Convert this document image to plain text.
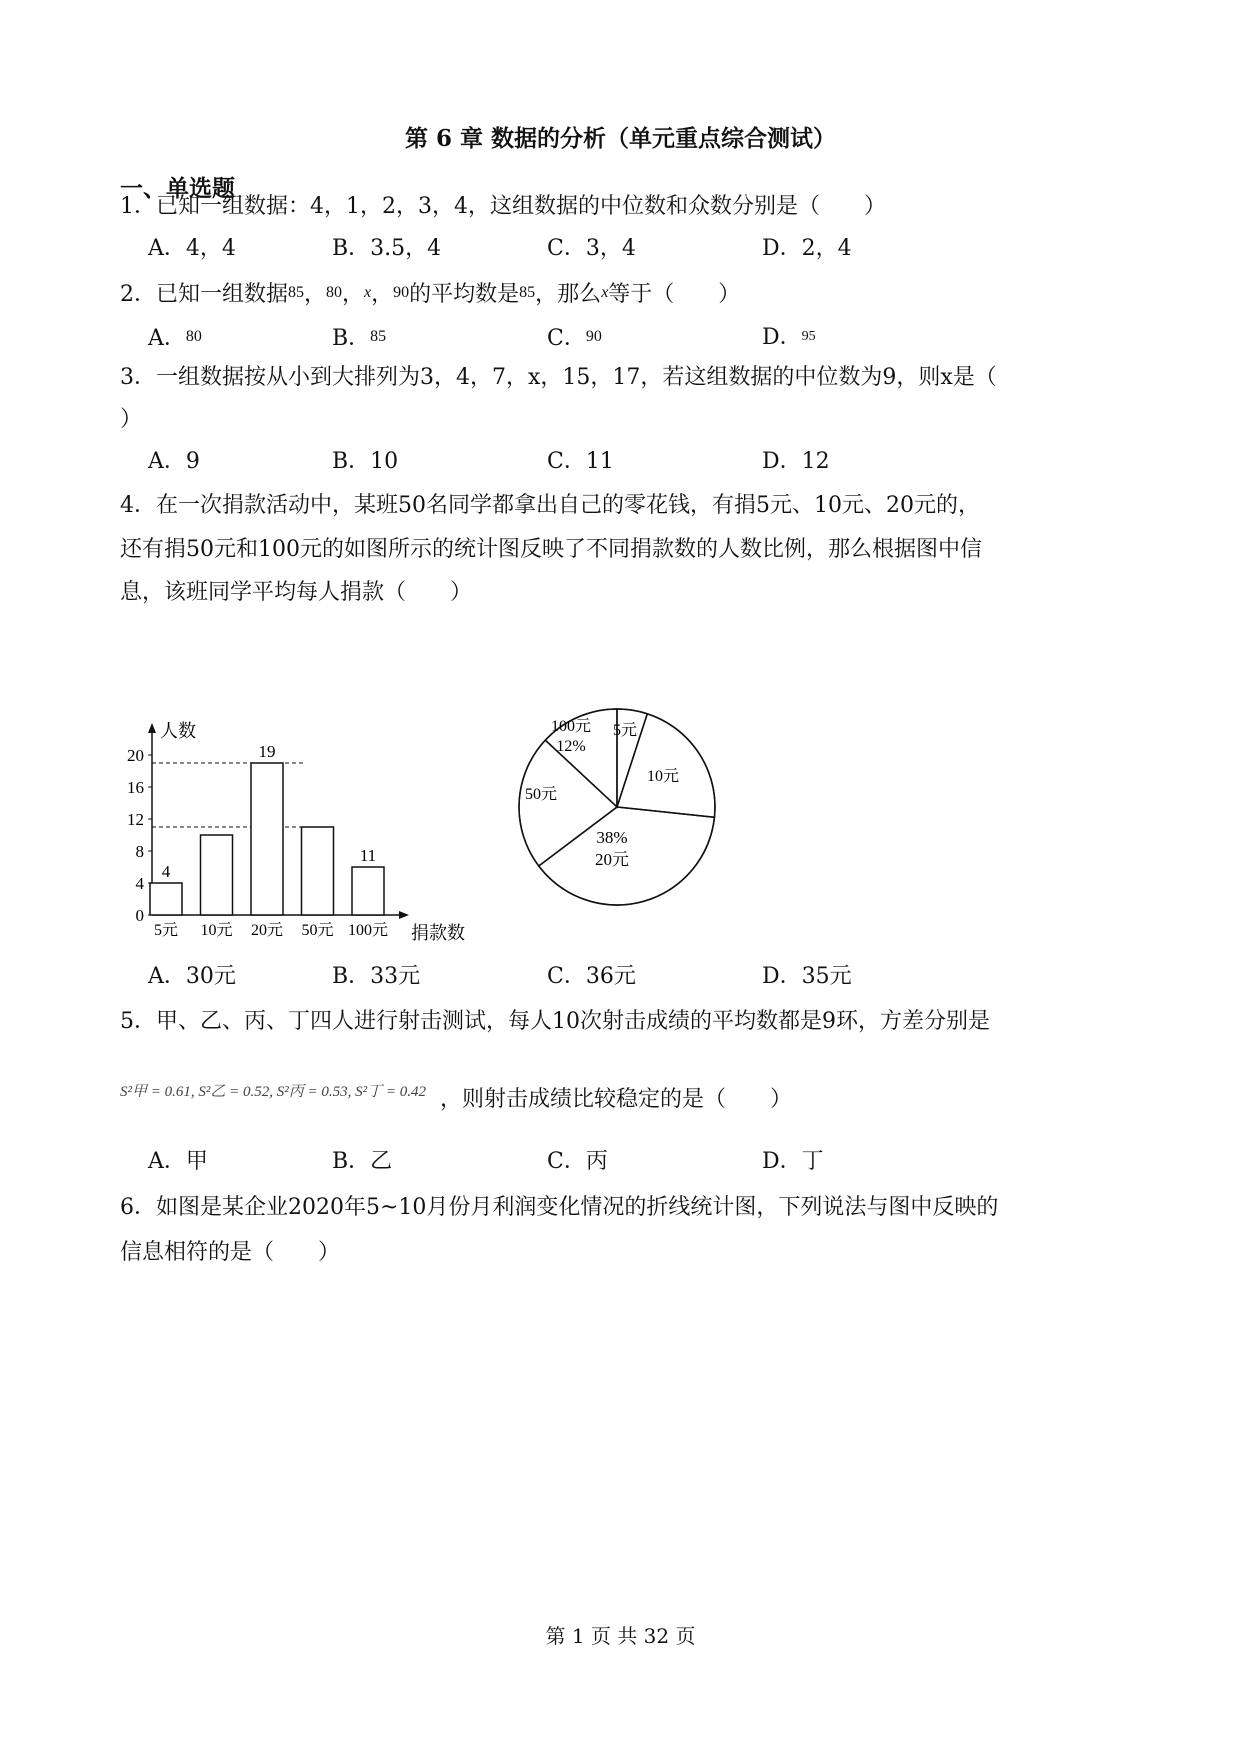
第 6 章 数据的分析（单元重点综合测试）
一、单选题
1．已知一组数据：4，1，2，3，4，这组数据的中位数和众数分别是（　　）
A．4，4	B．3.5，4	C．3，4	D．2，4
2．已知一组数据85，80，x，90的平均数是85，那么x等于（　　）
A．80	B．85	C．90	D．95
3．一组数据按从小到大排列为3，4，7，x，15，17，若这组数据的中位数为9，则x是（
）
A．9	B．10	C．11	D．12
4．在一次捐款活动中，某班50名同学都拿出自己的零花钱，有捐5元、10元、20元的，
还有捐50元和100元的如图所示的统计图反映了不同捐款数的人数比例，那么根据图中信
息，该班同学平均每人捐款（　　）
人数
捐款数
0
4
8
12
16
20
5元
4
10元 20元
19
50元 100元
11
5元
10元
38%
20元
50元
100元
12%
A．30元	B．33元	C．36元	D．35元
5．甲、乙、丙、丁四人进行射击测试，每人10次射击成绩的平均数都是9环，方差分别是
S²甲 = 0.61, S²乙 = 0.52, S²丙 = 0.53, S²丁 = 0.42 ，则射击成绩比较稳定的是（　　）
A．甲	B．乙	C．丙	D．丁
6．如图是某企业2020年5~10月份月利润变化情况的折线统计图，下列说法与图中反映的
信息相符的是（　　）
第 1 页 共 32 页
